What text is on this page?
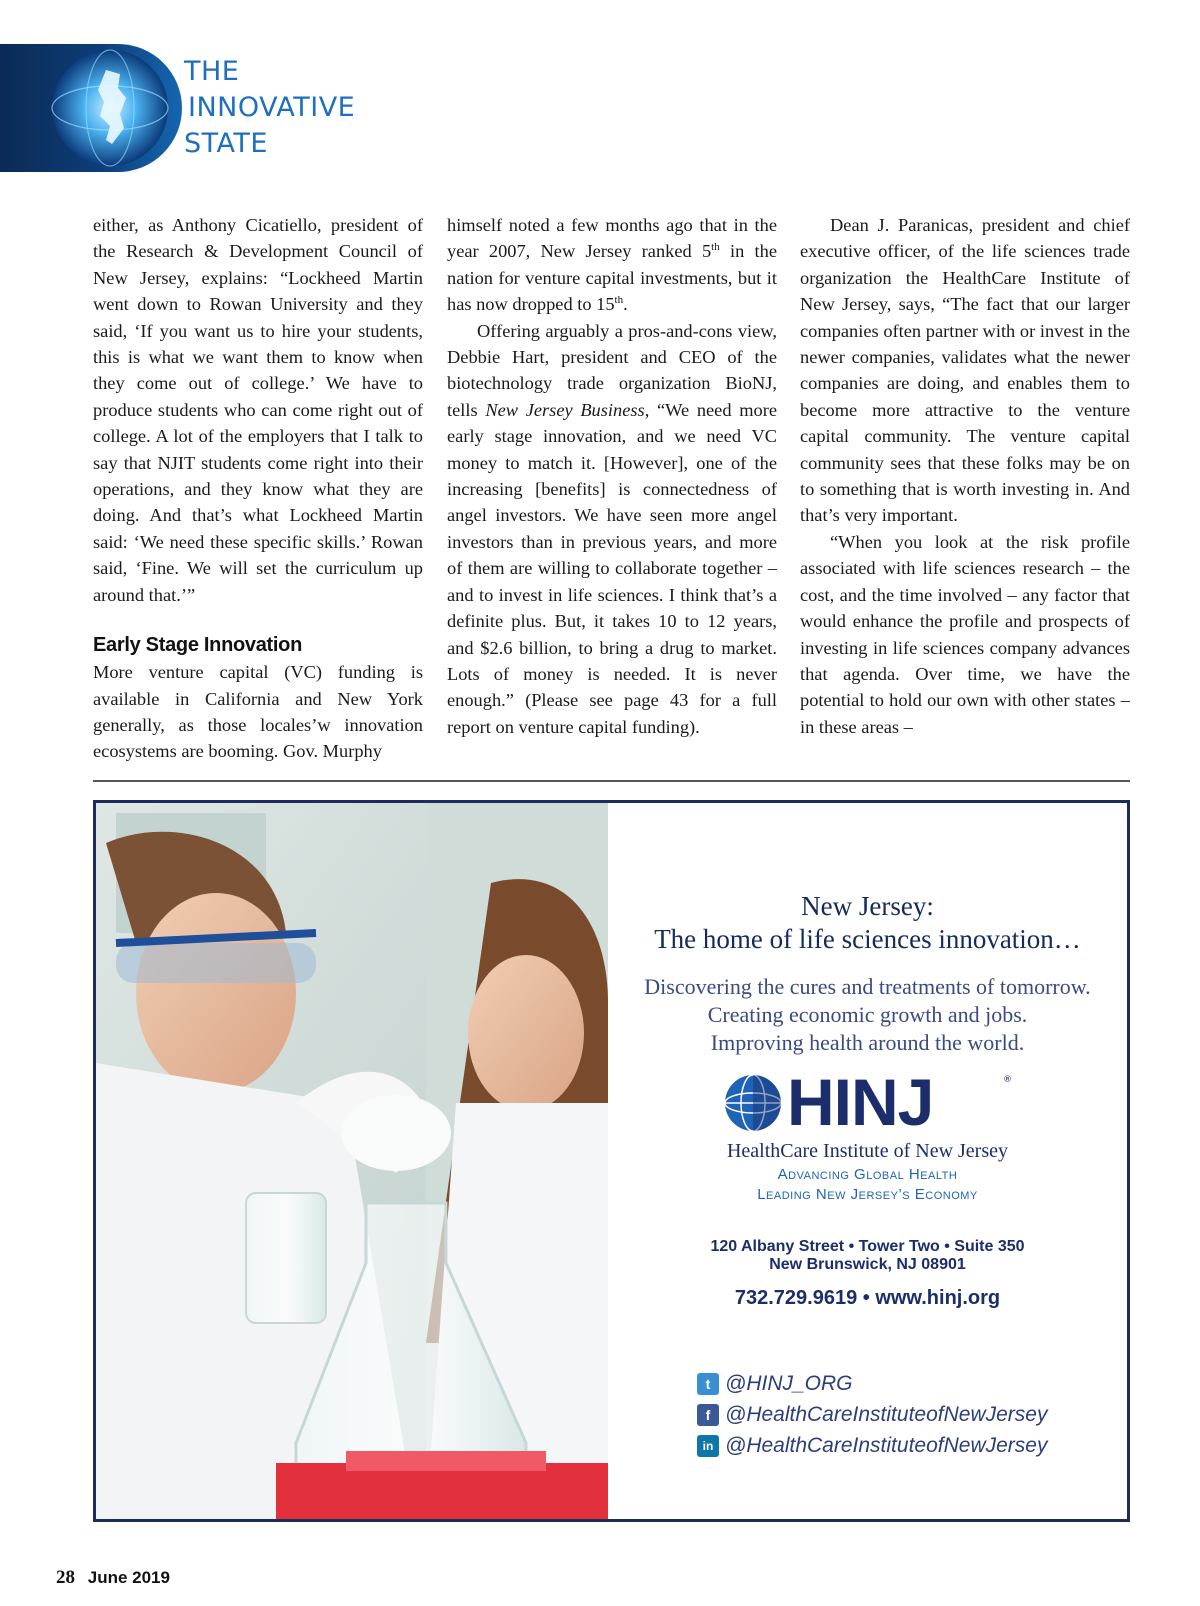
THE
INNOVATIVE
STATE

either, as Anthony Cicatiello, president of the Research & Development Council of New Jersey, explains: “Lockheed Martin went down to Rowan University and they said, ‘If you want us to hire your students, this is what we want them to know when they come out of college.’ We have to produce students who can come right out of college. A lot of the employers that I talk to say that NJIT students come right into their operations, and they know what they are doing. And that’s what Lockheed Martin said: ‘We need these specific skills.’ Rowan said, ‘Fine. We will set the curriculum up around that.’”

Early Stage Innovation

More venture capital (VC) funding is available in California and New York generally, as those locales’w innovation ecosystems are booming. Gov. Murphy

himself noted a few months ago that in the year 2007, New Jersey ranked 5th in the nation for venture capital investments, but it has now dropped to 15th.

Offering arguably a pros-and-cons view, Debbie Hart, president and CEO of the biotechnology trade organization BioNJ, tells New Jersey Business, “We need more early stage innovation, and we need VC money to match it. [However], one of the increasing [benefits] is connectedness of angel investors. We have seen more angel investors than in previous years, and more of them are willing to collaborate together – and to invest in life sciences. I think that’s a definite plus. But, it takes 10 to 12 years, and $2.6 billion, to bring a drug to market. Lots of money is needed. It is never enough.” (Please see page 43 for a full report on venture capital funding).

Dean J. Paranicas, president and chief executive officer, of the life sciences trade organization the HealthCare Institute of New Jersey, says, “The fact that our larger companies often partner with or invest in the newer companies, validates what the newer companies are doing, and enables them to become more attractive to the venture capital community. The venture capital community sees that these folks may be on to something that is worth investing in. And that’s very important.

“When you look at the risk profile associated with life sciences research – the cost, and the time involved – any factor that would enhance the profile and prospects of investing in life sciences company advances that agenda. Over time, we have the potential to hold our own with other states – in these areas –

New Jersey:
The home of life sciences innovation…
Discovering the cures and treatments of tomorrow.
Creating economic growth and jobs.
Improving health around the world.
HINJ	®
HealthCare Institute of New Jersey
Advancing Global Health
Leading New Jersey’s Economy
120 Albany Street • Tower Two • Suite 350
New Brunswick, NJ 08901
732.729.9619 • www.hinj.org
t @HINJ_ORG
f @HealthCareInstituteofNewJersey
in @HealthCareInstituteofNewJersey
28 June 2019
